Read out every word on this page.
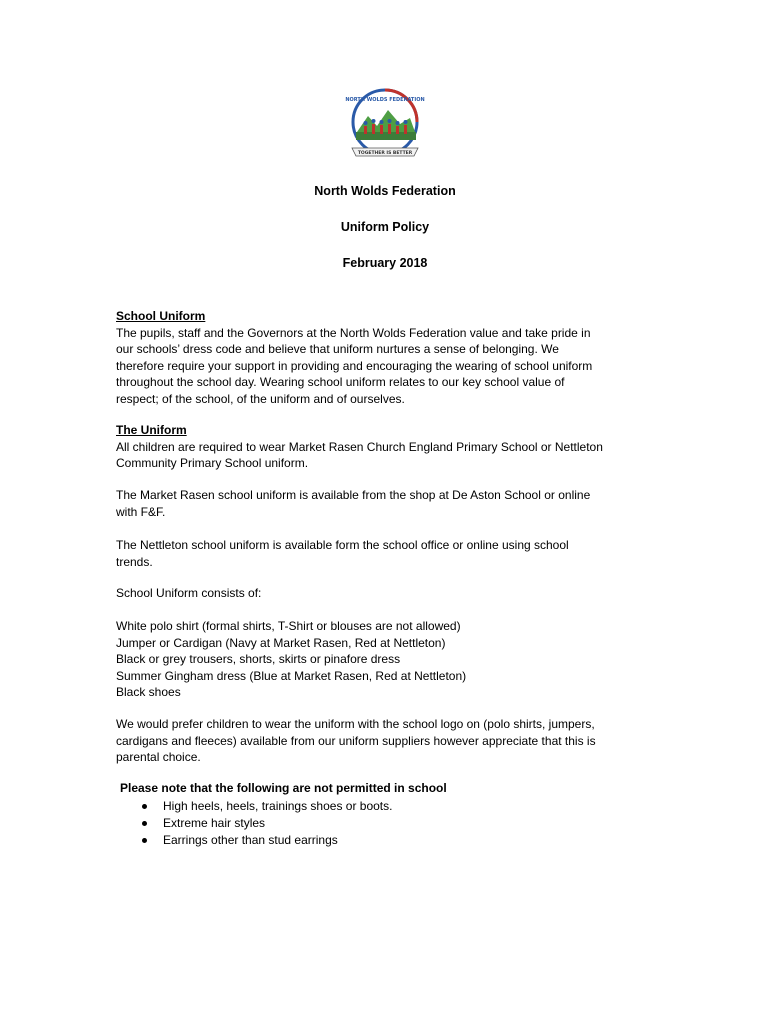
NORTH WOLDS FEDERATION
TOGETHER IS BETTER
North Wolds Federation
Uniform Policy
February 2018
School Uniform
The pupils, staff and the Governors at the North Wolds Federation value and take pride in
our schools’ dress code and believe that uniform nurtures a sense of belonging. We
therefore require your support in providing and encouraging the wearing of school uniform
throughout the school day. Wearing school uniform relates to our key school value of
respect; of the school, of the uniform and of ourselves.
The Uniform
All children are required to wear Market Rasen Church England Primary School or Nettleton
Community Primary School uniform.
The Market Rasen school uniform is available from the shop at De Aston School or online
with F&F.
The Nettleton school uniform is available form the school office or online using school
trends.
School Uniform consists of:
White polo shirt (formal shirts, T-Shirt or blouses are not allowed)
Jumper or Cardigan (Navy at Market Rasen, Red at Nettleton)
Black or grey trousers, shorts, skirts or pinafore dress
Summer Gingham dress (Blue at Market Rasen, Red at Nettleton)
Black shoes
We would prefer children to wear the uniform with the school logo on (polo shirts, jumpers,
cardigans and fleeces) available from our uniform suppliers however appreciate that this is
parental choice.
Please note that the following are not permitted in school
High heels, heels, trainings shoes or boots.
Extreme hair styles
Earrings other than stud earrings
